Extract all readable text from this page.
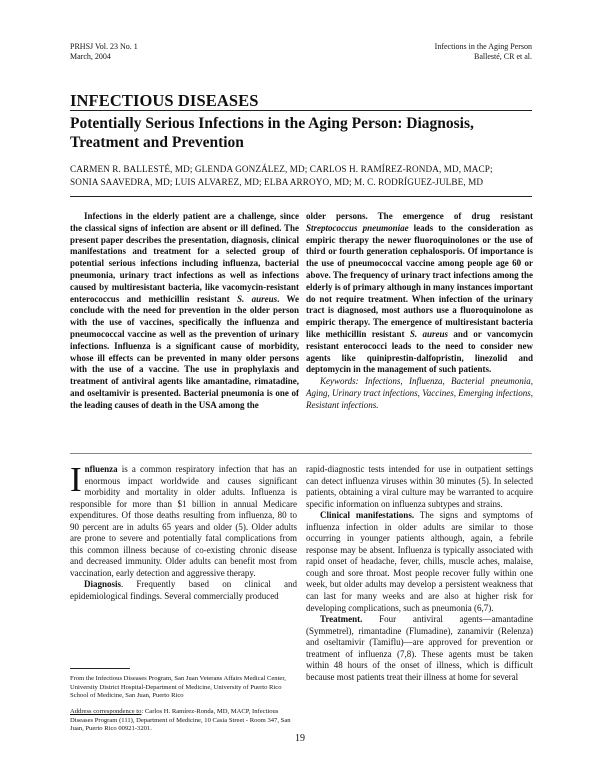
PRHSJ Vol. 23 No. 1
March, 2004
Infections in the Aging Person
Ballesté, CR et al.
INFECTIOUS DISEASES
Potentially Serious Infections in the Aging Person: Diagnosis, Treatment and Prevention
CARMEN R. BALLESTÉ, MD; GLENDA GONZÁLEZ, MD; CARLOS H. RAMÍREZ-RONDA, MD, MACP;
SONIA SAAVEDRA, MD; LUIS ALVAREZ, MD; ELBA ARROYO, MD; M. C. RODRÍGUEZ-JULBE, MD
Infections in the elderly patient are a challenge, since the classical signs of infection are absent or ill defined. The present paper describes the presentation, diagnosis, clinical manifestations and treatment for a selected group of potential serious infections including influenza, bacterial pneumonia, urinary tract infections as well as infections caused by multiresistant bacteria, like vacomycin-resistant enterococcus and methicillin resistant S. aureus. We conclude with the need for prevention in the older person with the use of vaccines, specifically the influenza and pneumococcal vaccine as well as the prevention of urinary infections. Influenza is a significant cause of morbidity, whose ill effects can be prevented in many older persons with the use of a vaccine. The use in prophylaxis and treatment of antiviral agents like amantadine, rimatadine, and oseltamivir is presented. Bacterial pneumonia is one of the leading causes of death in the USA among the
older persons. The emergence of drug resistant Streptococcus pneumoniae leads to the consideration as empiric therapy the newer fluoroquinolones or the use of third or fourth generation cephalosporis. Of importance is the use of pneumococcal vaccine among people age 60 or above. The frequency of urinary tract infections among the elderly is of primary although in many instances important do not require treatment. When infection of the urinary tract is diagnosed, most authors use a fluoroquinolone as empiric therapy. The emergence of multiresistant bacteria like methicillin resistant S. aureus and or vancomycin resistant enterococci leads to the need to consider new agents like quiniprestin-dalfopristin, linezolid and deptomycin in the management of such patients.
Keywords: Infections, Influenza, Bacterial pneumonia, Aging, Urinary tract infections, Vaccines, Emerging infections, Resistant infections.
Influenza is a common respiratory infection that has an enormous impact worldwide and causes significant morbidity and mortality in older adults. Influenza is responsible for more than $1 billion in annual Medicare expenditures. Of those deaths resulting from influenza, 80 to 90 percent are in adults 65 years and older (5). Older adults are prone to severe and potentially fatal complications from this common illness because of co-existing chronic disease and decreased immunity. Older adults can benefit most from vaccination, early detection and aggressive therapy.
Diagnosis. Frequently based on clinical and epidemiological findings. Several commercially produced
rapid-diagnostic tests intended for use in outpatient settings can detect influenza viruses within 30 minutes (5). In selected patients, obtaining a viral culture may be warranted to acquire specific information on influenza subtypes and strains.
Clinical manifestations. The signs and symptoms of influenza infection in older adults are similar to those occurring in younger patients although, again, a febrile response may be absent. Influenza is typically associated with rapid onset of headache, fever, chills, muscle aches, malaise, cough and sore throat. Most people recover fully within one week, but older adults may develop a persistent weakness that can last for many weeks and are also at higher risk for developing complications, such as pneumonia (6,7).
Treatment. Four antiviral agents—amantadine (Symmetrel), rimantadine (Flumadine), zanamivir (Relenza) and oseltamivir (Tamiflu)—are approved for prevention or treatment of influenza (7,8). These agents must be taken within 48 hours of the onset of illness, which is difficult because most patients treat their illness at home for several
From the Infectious Diseases Program, San Juan Veterans Affairs Medical Center, University District Hospital-Department of Medicine, University of Puerto Rico School of Medicine, San Juan, Puerto Rico
Address correspondence to: Carlos H. Ramírez-Ronda, MD, MACP, Infectious Diseases Program (111), Department of Medicine, 10 Casia Street - Room 347, San Juan, Puerto Rico 00921-3201.
19
